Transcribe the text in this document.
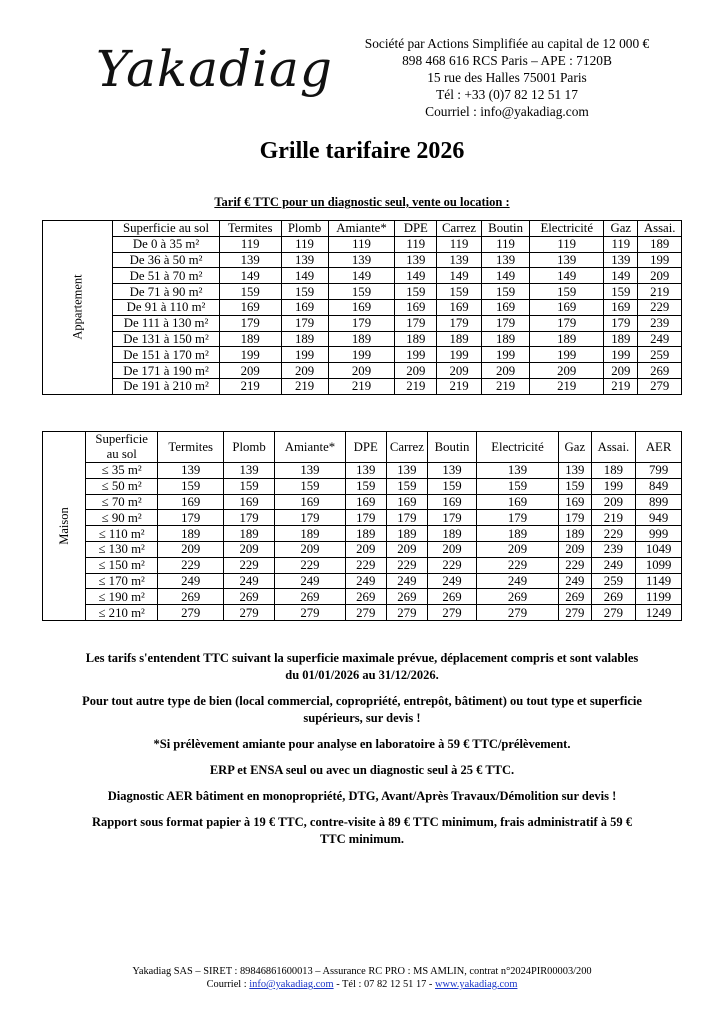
Yakadiag	Société par Actions Simplifiée au capital de 12 000 €
898 468 616 RCS Paris – APE : 7120B
15 rue des Halles 75001 Paris
Tél : +33 (0)7 82 12 51 17
Courriel : info@yakadiag.com
Grille tarifaire 2026
Tarif € TTC pour un diagnostic seul, vente ou location :
Appartement	Superficie au sol	Termites	Plomb	Amiante*	DPE	Carrez	Boutin	Electricité	Gaz	Assai.
	De 0 à 35 m²	119	119	119	119	119	119	119	119	189
	De 36 à 50 m²	139	139	139	139	139	139	139	139	199
	De 51 à 70 m²	149	149	149	149	149	149	149	149	209
	De 71 à 90 m²	159	159	159	159	159	159	159	159	219
	De 91 à 110 m²	169	169	169	169	169	169	169	169	229
	De 111 à 130 m²	179	179	179	179	179	179	179	179	239
	De 131 à 150 m²	189	189	189	189	189	189	189	189	249
	De 151 à 170 m²	199	199	199	199	199	199	199	199	259
	De 171 à 190 m²	209	209	209	209	209	209	209	209	269
	De 191 à 210 m²	219	219	219	219	219	219	219	219	279
Maison	Superficie au sol	Termites	Plomb	Amiante*	DPE	Carrez	Boutin	Electricité	Gaz	Assai.	AER
	≤ 35 m²	139	139	139	139	139	139	139	139	189	799
	≤ 50 m²	159	159	159	159	159	159	159	159	199	849
	≤ 70 m²	169	169	169	169	169	169	169	169	209	899
	≤ 90 m²	179	179	179	179	179	179	179	179	219	949
	≤ 110 m²	189	189	189	189	189	189	189	189	229	999
	≤ 130 m²	209	209	209	209	209	209	209	209	239	1049
	≤ 150 m²	229	229	229	229	229	229	229	229	249	1099
	≤ 170 m²	249	249	249	249	249	249	249	249	259	1149
	≤ 190 m²	269	269	269	269	269	269	269	269	269	1199
	≤ 210 m²	279	279	279	279	279	279	279	279	279	1249

Les tarifs s'entendent TTC suivant la superficie maximale prévue, déplacement compris et sont valables du 01/01/2026 au 31/12/2026.

Pour tout autre type de bien (local commercial, copropriété, entrepôt, bâtiment) ou tout type et superficie supérieurs, sur devis !

*Si prélèvement amiante pour analyse en laboratoire à 59 € TTC/prélèvement.

ERP et ENSA seul ou avec un diagnostic seul à 25 € TTC.

Diagnostic AER bâtiment en monopropriété, DTG, Avant/Après Travaux/Démolition sur devis !

Rapport sous format papier à 19 € TTC, contre-visite à 89 € TTC minimum, frais administratif à 59 € TTC minimum.

Yakadiag SAS – SIRET : 89846861600013 – Assurance RC PRO : MS AMLIN, contrat n°2024PIR00003/200
Courriel : info@yakadiag.com - Tél : 07 82 12 51 17 - www.yakadiag.com
